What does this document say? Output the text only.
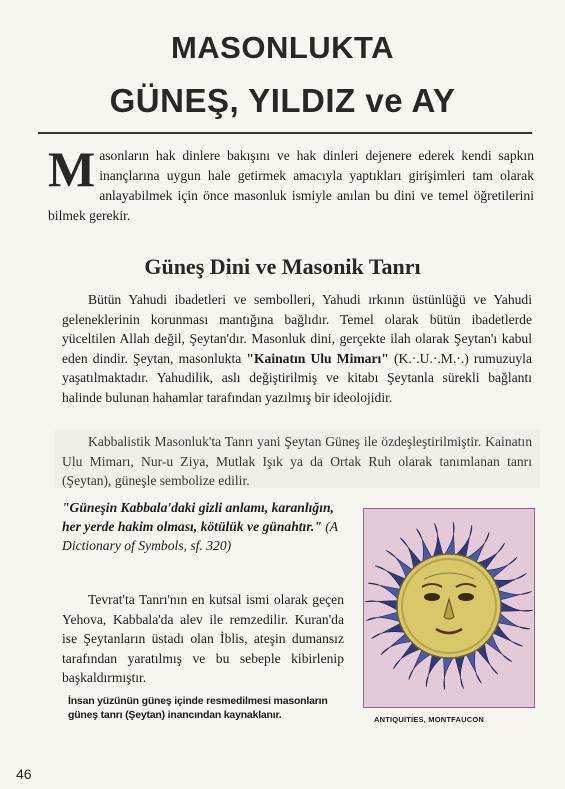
MASONLUKTA
GÜNEŞ, YILDIZ ve AY
Masonların hak dinlere bakışını ve hak dinleri dejenere ederek kendi sapkın inançlarına uygun hale getirmek amacıyla yaptıkları girişimleri tam olarak anlayabilmek için önce masonluk ismiyle anılan bu dini ve temel öğretilerini bilmek gerekir.
Güneş Dini ve Masonik Tanrı
Bütün Yahudi ibadetleri ve sembolleri, Yahudi ırkının üstünlüğü ve Yahudi geleneklerinin korunması mantığına bağlıdır. Temel olarak bütün ibadetlerde yüceltilen Allah değil, Şeytan'dır. Masonluk dini, gerçekte ilah olarak Şeytan'ı kabul eden dindir. Şeytan, masonlukta "Kainatın Ulu Mimarı" (K.·.U.·.M.·.) rumuzuyla yaşatılmaktadır. Yahudilik, aslı değiştirilmiş ve kitabı Şeytanla sürekli bağlantı halinde bulunan hahamlar tarafından yazılmış bir ideolojidir.
Kabbalistik Masonluk'ta Tanrı yani Şeytan Güneş ile özdeşleştirilmiştir. Kainatın Ulu Mimarı, Nur-u Ziya, Mutlak Işık ya da Ortak Ruh olarak tanımlanan tanrı (Şeytan), güneşle sembolize edilir.
"Güneşin Kabbala'daki gizli anlamı, karanlığın, her yerde hakim olması, kötülük ve günahtır." (A Dictionary of Symbols, sf. 320)
Tevrat'ta Tanrı'nın en kutsal ismi olarak geçen Yehova, Kabbala'da alev ile remzedilir. Kuran'da ise Şeytanların üstadı olan İblis, ateşin dumansız tarafından yaratılmış ve bu sebeple kibirlenip başkaldırmıştır.
İnsan yüzünün güneş içinde resmedilmesi masonların güneş tanrı (Şeytan) inancından kaynaklanır.	ANTIQUITIES, MONTFAUCON
46
